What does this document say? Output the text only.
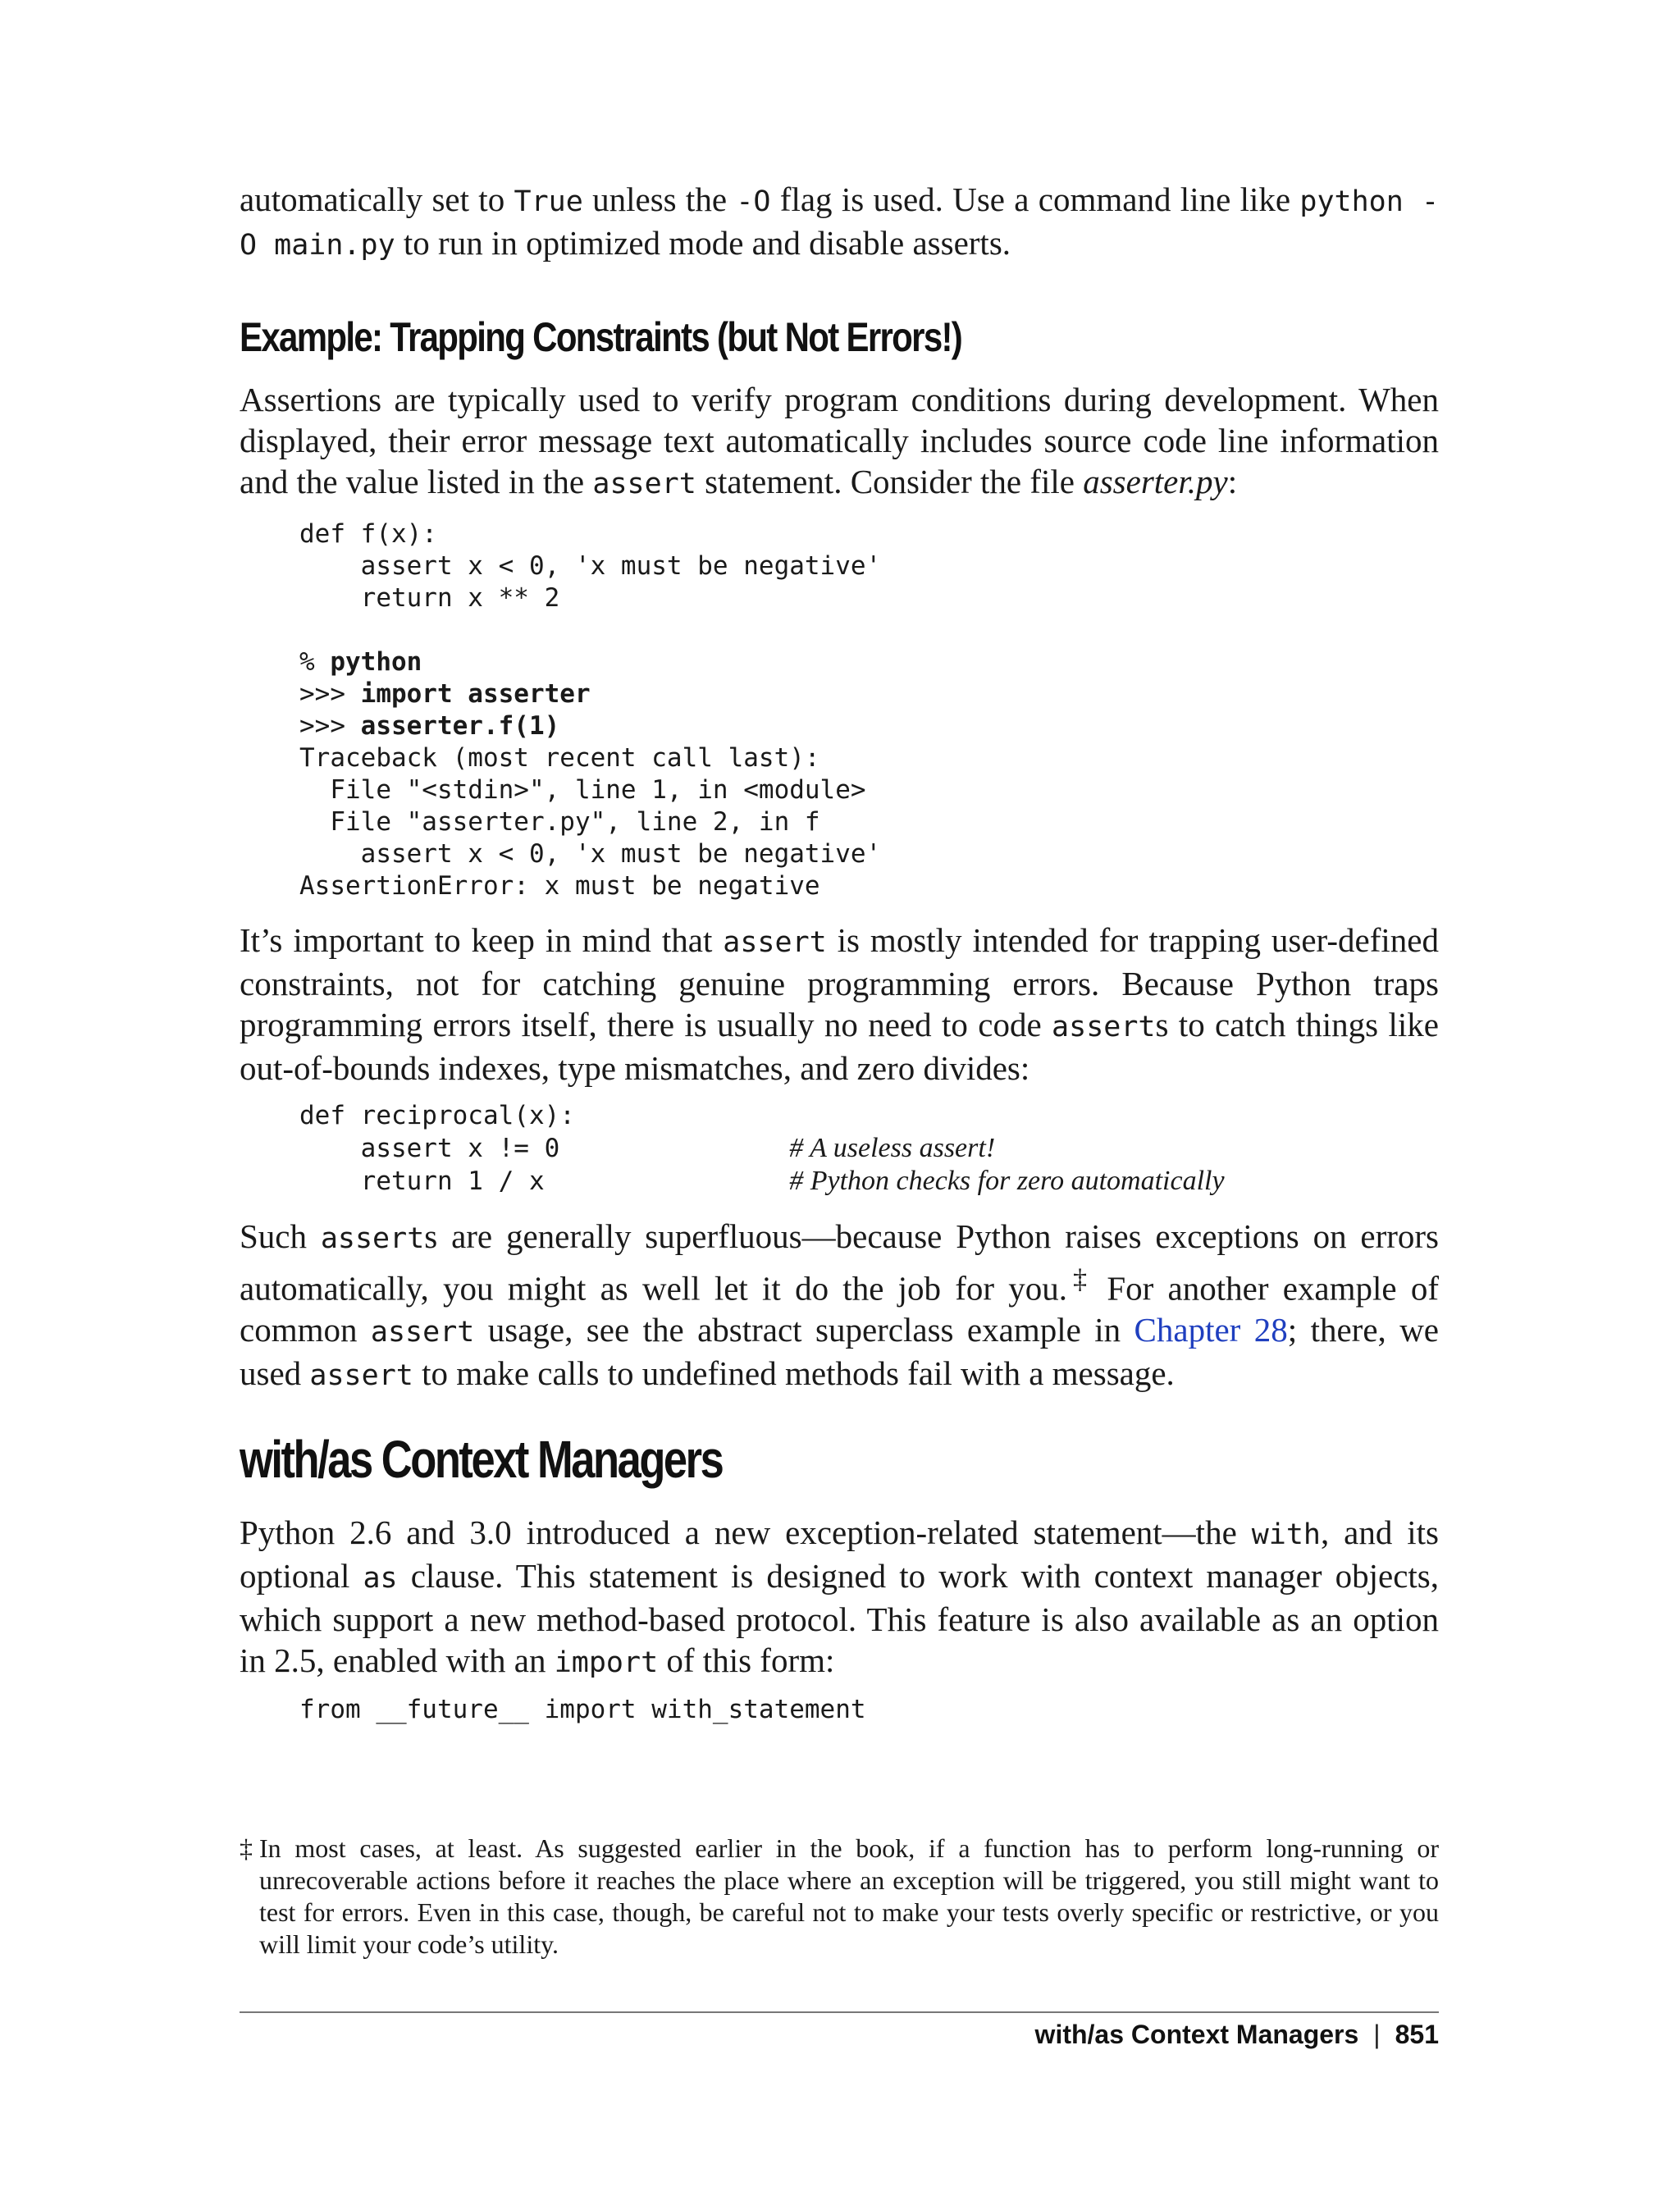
automatically set to True unless the -O flag is used. Use a command line like python -O main.py to run in optimized mode and disable asserts.

Example: Trapping Constraints (but Not Errors!)

Assertions are typically used to verify program conditions during development. When displayed, their error message text automatically includes source code line information and the value listed in the assert statement. Consider the file asserter.py:

def f(x):
assert x < 0, 'x must be negative'
return x ** 2

% python
>>> import asserter
>>> asserter.f(1)
Traceback (most recent call last):
File "<stdin>", line 1, in <module>
File "asserter.py", line 2, in f
assert x < 0, 'x must be negative'
AssertionError: x must be negative

It’s important to keep in mind that assert is mostly intended for trapping user-defined constraints, not for catching genuine programming errors. Because Python traps programming errors itself, there is usually no need to code asserts to catch things like out-of-bounds indexes, type mismatches, and zero divides:

def reciprocal(x):
assert x != 0               # A useless assert!
return 1 / x                # Python checks for zero automatically

Such asserts are generally superfluous—because Python raises exceptions on errors automatically, you might as well let it do the job for you.‡ For another example of common assert usage, see the abstract superclass example in Chapter 28; there, we used assert to make calls to undefined methods fail with a message.

with/as Context Managers

Python 2.6 and 3.0 introduced a new exception-related statement—the with, and its optional as clause. This statement is designed to work with context manager objects, which support a new method-based protocol. This feature is also available as an option in 2.5, enabled with an import of this form:

from __future__ import with_statement
‡ In most cases, at least. As suggested earlier in the book, if a function has to perform long-running or unrecoverable actions before it reaches the place where an exception will be triggered, you still might want to test for errors. Even in this case, though, be careful not to make your tests overly specific or restrictive, or you will limit your code’s utility.
with/as Context Managers | 851
